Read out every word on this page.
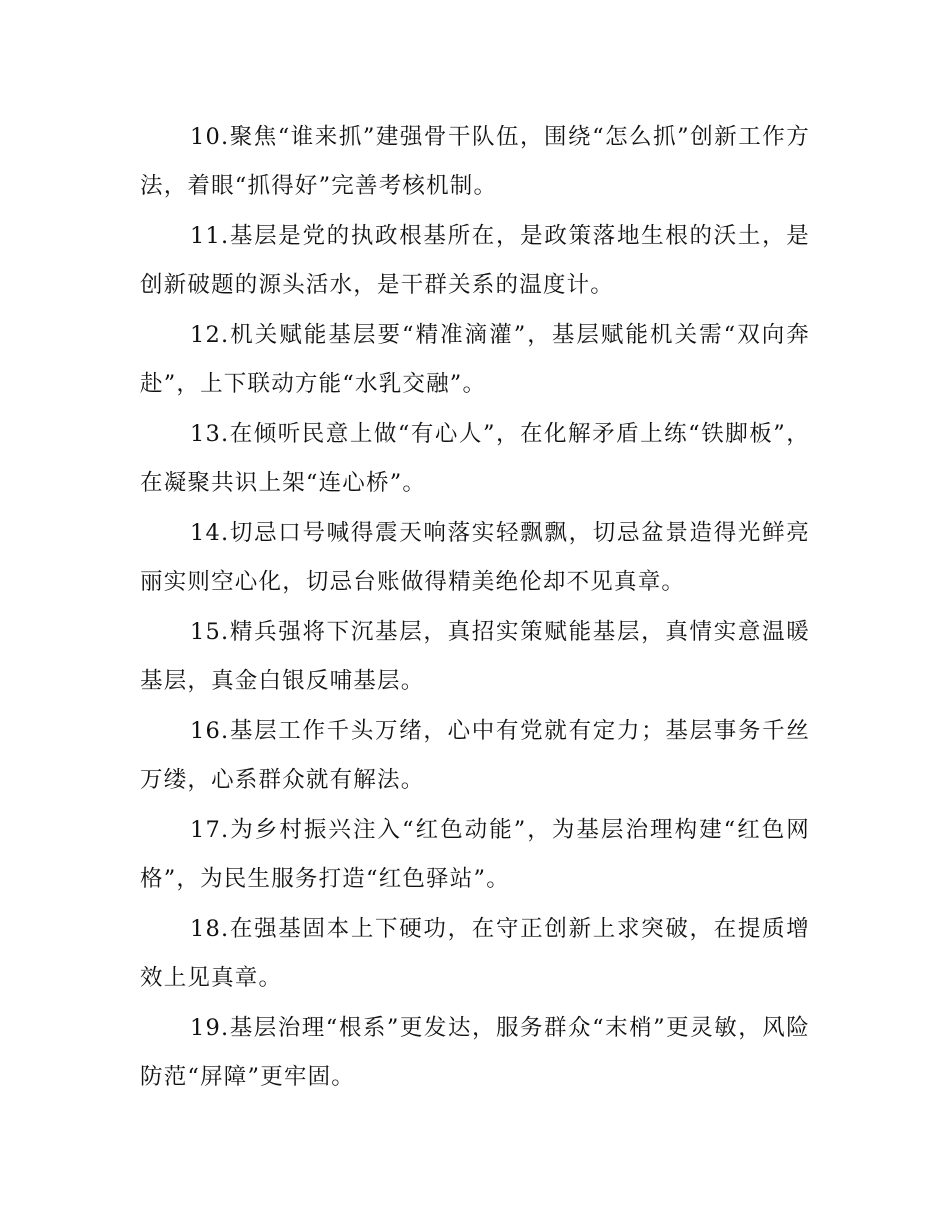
10.聚焦“谁来抓”建强骨干队伍，围绕“怎么抓”创新工作方法，着眼“抓得好”完善考核机制。

11.基层是党的执政根基所在，是政策落地生根的沃土，是创新破题的源头活水，是干群关系的温度计。

12.机关赋能基层要“精准滴灌”，基层赋能机关需“双向奔赴”，上下联动方能“水乳交融”。

13.在倾听民意上做“有心人”，在化解矛盾上练“铁脚板”，在凝聚共识上架“连心桥”。

14.切忌口号喊得震天响落实轻飘飘，切忌盆景造得光鲜亮丽实则空心化，切忌台账做得精美绝伦却不见真章。

15.精兵强将下沉基层，真招实策赋能基层，真情实意温暖基层，真金白银反哺基层。

16.基层工作千头万绪，心中有党就有定力；基层事务千丝万缕，心系群众就有解法。

17.为乡村振兴注入“红色动能”，为基层治理构建“红色网格”，为民生服务打造“红色驿站”。

18.在强基固本上下硬功，在守正创新上求突破，在提质增效上见真章。

19.基层治理“根系”更发达，服务群众“末梢”更灵敏，风险防范“屏障”更牢固。
